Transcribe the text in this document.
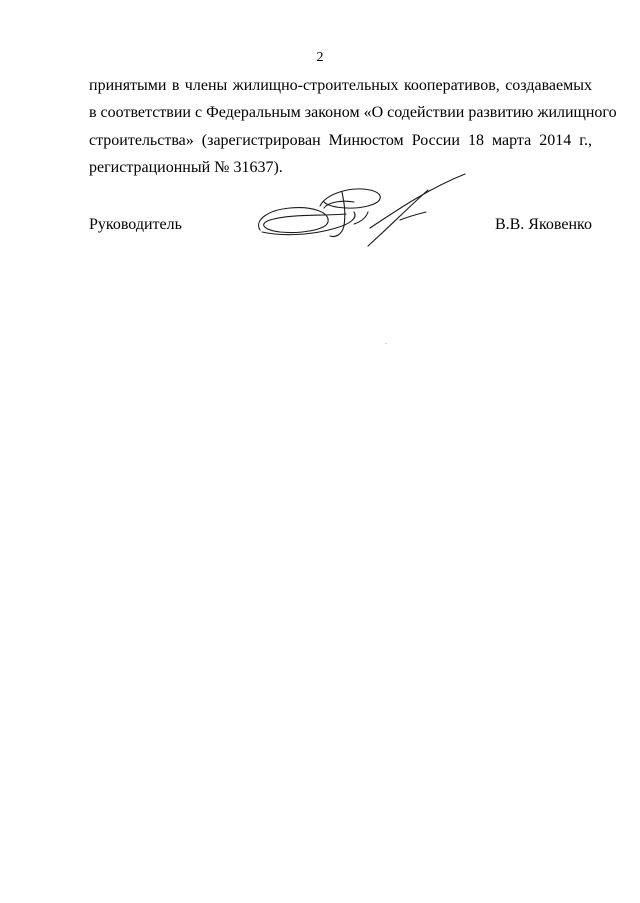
2
принятыми в члены жилищно-строительных кооперативов, создаваемых
в соответствии с Федеральным законом «О содействии развитию жилищного
строительства» (зарегистрирован Минюстом России 18 марта 2014 г.,
регистрационный № 31637).
Руководитель	В.В. Яковенко
